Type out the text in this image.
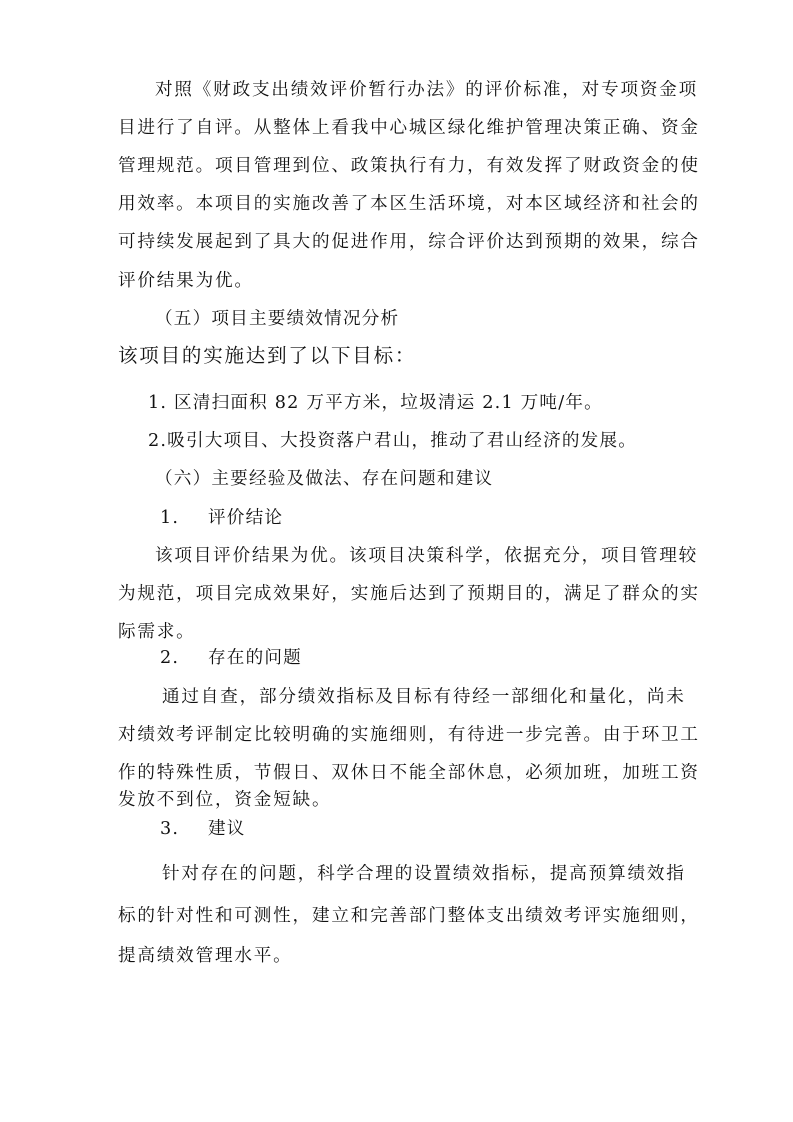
对照《财政支出绩效评价暂行办法》的评价标准，对专项资金项
目进行了自评。从整体上看我中心城区绿化维护管理决策正确、资金
管理规范。项目管理到位、政策执行有力，有效发挥了财政资金的使
用效率。本项目的实施改善了本区生活环境，对本区域经济和社会的
可持续发展起到了具大的促进作用，综合评价达到预期的效果，综合
评价结果为优。
（五）项目主要绩效情况分析
该项目的实施达到了以下目标：
1. 区清扫面积 82 万平方米，垃圾清运 2.1 万吨/年。
2.吸引大项目、大投资落户君山，推动了君山经济的发展。
（六）主要经验及做法、存在问题和建议
1. 评价结论
该项目评价结果为优。该项目决策科学，依据充分，项目管理较
为规范，项目完成效果好，实施后达到了预期目的，满足了群众的实
际需求。
2. 存在的问题
通过自查，部分绩效指标及目标有待经一部细化和量化，尚未
对绩效考评制定比较明确的实施细则，有待进一步完善。由于环卫工
作的特殊性质，节假日、双休日不能全部休息，必须加班，加班工资
发放不到位，资金短缺。
3. 建议
针对存在的问题，科学合理的设置绩效指标，提高预算绩效指
标的针对性和可测性，建立和完善部门整体支出绩效考评实施细则，
提高绩效管理水平。
